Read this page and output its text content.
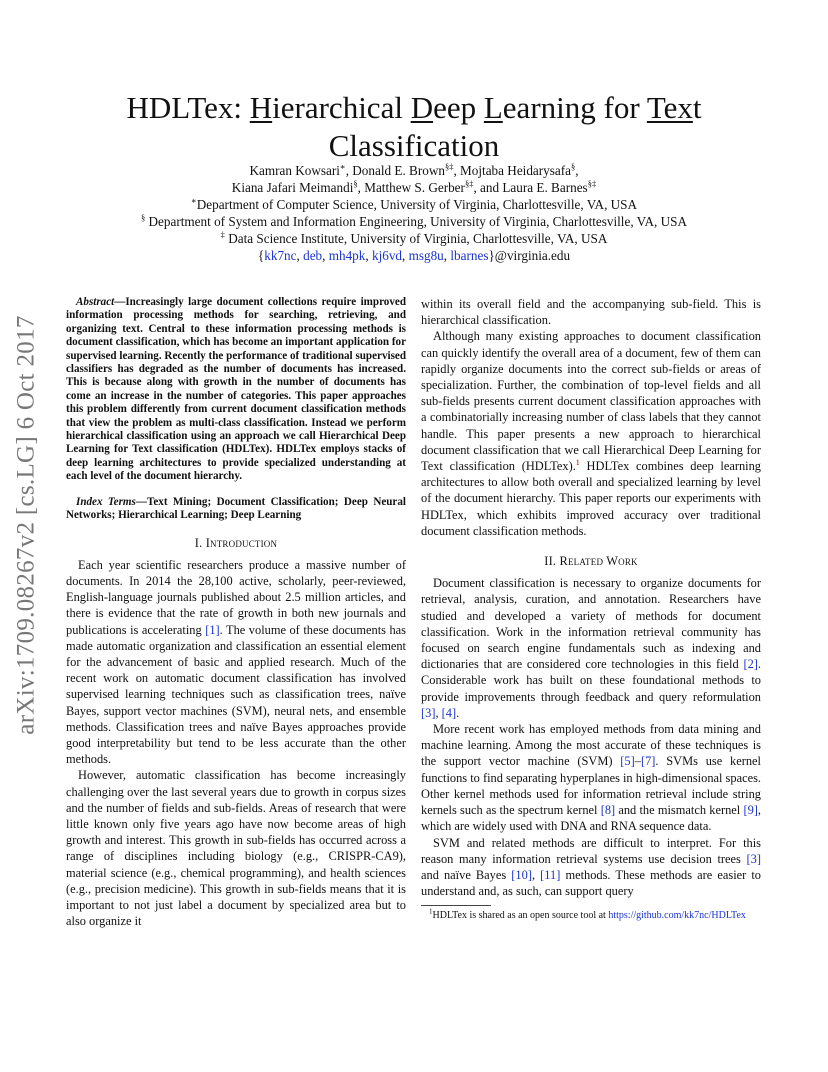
arXiv:1709.08267v2 [cs.LG] 6 Oct 2017
HDLTex: Hierarchical Deep Learning for Text
Classification
Kamran Kowsari∗, Donald E. Brown§‡, Mojtaba Heidarysafa§,
Kiana Jafari Meimandi§, Matthew S. Gerber§‡, and Laura E. Barnes§‡
∗Department of Computer Science, University of Virginia, Charlottesville, VA, USA
§ Department of System and Information Engineering, University of Virginia, Charlottesville, VA, USA
‡ Data Science Institute, University of Virginia, Charlottesville, VA, USA
{kk7nc, deb, mh4pk, kj6vd, msg8u, lbarnes}@virginia.edu

Abstract—Increasingly large document collections require improved information processing methods for searching, retrieving, and organizing text. Central to these information processing methods is document classification, which has become an important application for supervised learning. Recently the performance of traditional supervised classifiers has degraded as the number of documents has increased. This is because along with growth in the number of documents has come an increase in the number of categories. This paper approaches this problem differently from current document classification methods that view the problem as multi-class classification. Instead we perform hierarchical classification using an approach we call Hierarchical Deep Learning for Text classification (HDLTex). HDLTex employs stacks of deep learning architectures to provide specialized understanding at each level of the document hierarchy.

Index Terms—Text Mining; Document Classification; Deep Neural Networks; Hierarchical Learning; Deep Learning

I. Introduction

Each year scientific researchers produce a massive number of documents. In 2014 the 28,100 active, scholarly, peer-reviewed, English-language journals published about 2.5 million articles, and there is evidence that the rate of growth in both new journals and publications is accelerating [1]. The volume of these documents has made automatic organization and classification an essential element for the advancement of basic and applied research. Much of the recent work on automatic document classification has involved supervised learning techniques such as classification trees, naïve Bayes, support vector machines (SVM), neural nets, and ensemble methods. Classification trees and naïve Bayes approaches provide good interpretability but tend to be less accurate than the other methods.

However, automatic classification has become increasingly challenging over the last several years due to growth in corpus sizes and the number of fields and sub-fields. Areas of research that were little known only five years ago have now become areas of high growth and interest. This growth in sub-fields has occurred across a range of disciplines including biology (e.g., CRISPR-CA9), material science (e.g., chemical programming), and health sciences (e.g., precision medicine). This growth in sub-fields means that it is important to not just label a document by specialized area but to also organize it

within its overall field and the accompanying sub-field. This is hierarchical classification.

Although many existing approaches to document classification can quickly identify the overall area of a document, few of them can rapidly organize documents into the correct sub-fields or areas of specialization. Further, the combination of top-level fields and all sub-fields presents current document classification approaches with a combinatorially increasing number of class labels that they cannot handle. This paper presents a new approach to hierarchical document classification that we call Hierarchical Deep Learning for Text classification (HDLTex).$^1$ HDLTex combines deep learning architectures to allow both overall and specialized learning by level of the document hierarchy. This paper reports our experiments with HDLTex, which exhibits improved accuracy over traditional document classification methods.

II. Related Work

Document classification is necessary to organize documents for retrieval, analysis, curation, and annotation. Researchers have studied and developed a variety of methods for document classification. Work in the information retrieval community has focused on search engine fundamentals such as indexing and dictionaries that are considered core technologies in this field [2]. Considerable work has built on these foundational methods to provide improvements through feedback and query reformulation [3], [4].

More recent work has employed methods from data mining and machine learning. Among the most accurate of these techniques is the support vector machine (SVM) [5]–[7]. SVMs use kernel functions to find separating hyperplanes in high-dimensional spaces. Other kernel methods used for information retrieval include string kernels such as the spectrum kernel [8] and the mismatch kernel [9], which are widely used with DNA and RNA sequence data.

SVM and related methods are difficult to interpret. For this reason many information retrieval systems use decision trees [3] and naïve Bayes [10], [11] methods. These methods are easier to understand and, as such, can support query

$^1$HDLTex is shared as an open source tool at https://github.com/kk7nc/HDLTex
